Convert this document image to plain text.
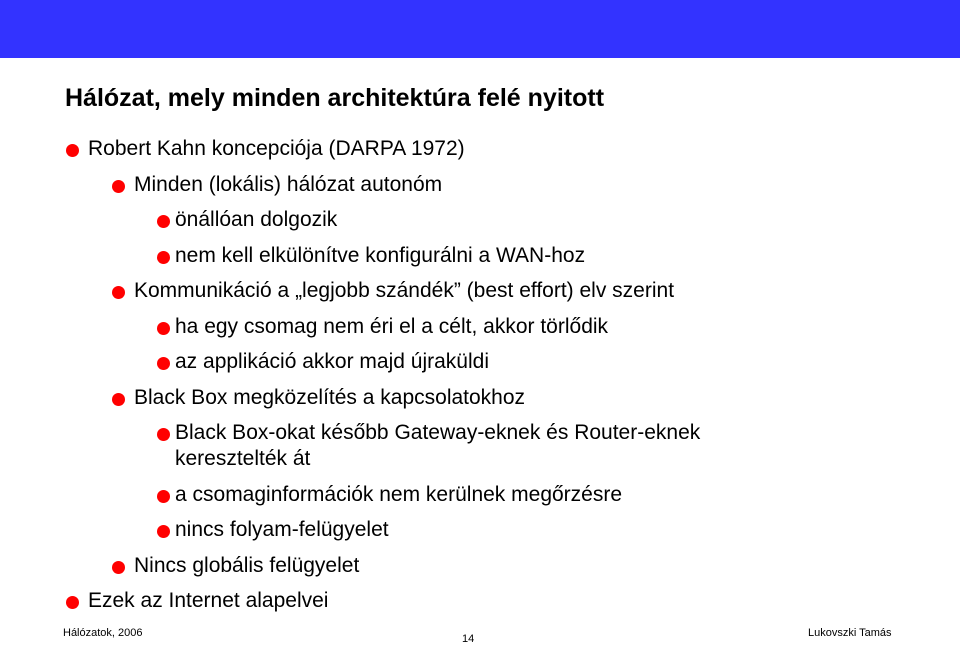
Hálózat, mely minden architektúra felé nyitott
Robert Kahn koncepciója (DARPA 1972)
Minden (lokális) hálózat autonóm
önállóan dolgozik
nem kell elkülönítve konfigurálni a WAN-hoz
Kommunikáció a „legjobb szándék” (best effort) elv szerint
ha egy csomag nem éri el a célt, akkor törlődik
az applikáció akkor majd újraküldi
Black Box megközelítés a kapcsolatokhoz
Black Box-okat később Gateway-eknek és Router-eknek
keresztelték át
a csomaginformációk nem kerülnek megőrzésre
nincs folyam-felügyelet
Nincs globális felügyelet
Ezek az Internet alapelvei
Hálózatok, 2006	14	Lukovszki Tamás
